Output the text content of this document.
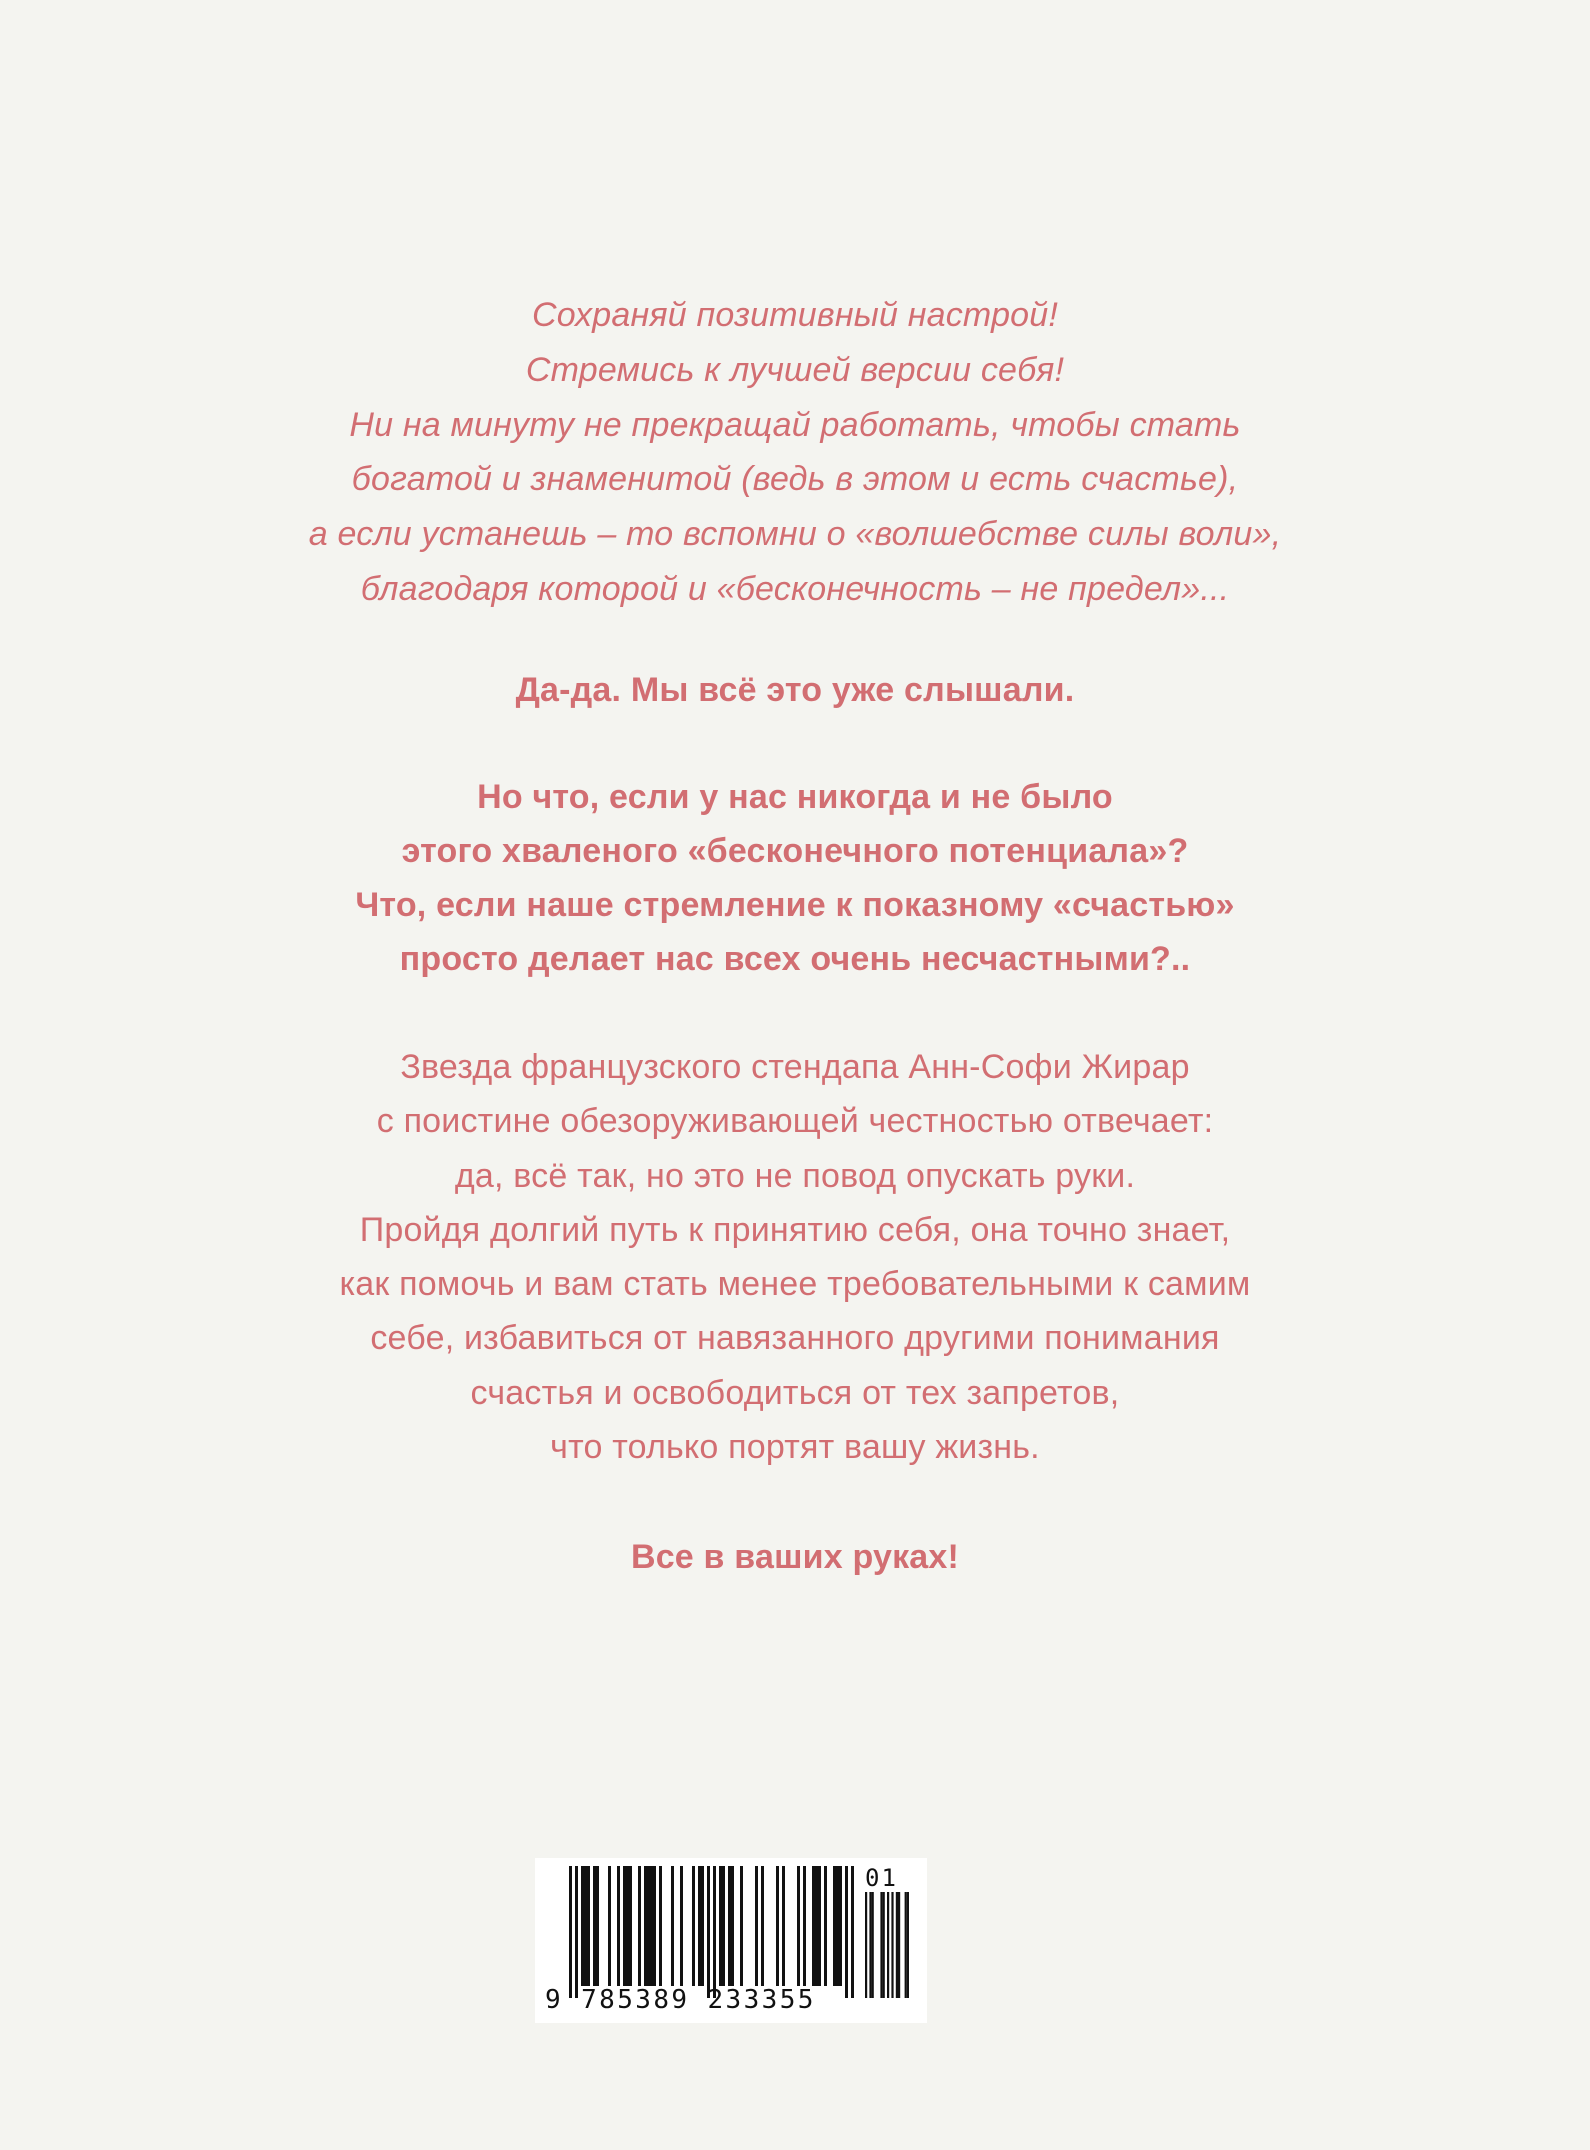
Сохраняй позитивный настрой!
Стремись к лучшей версии себя!
Ни на минуту не прекращай работать, чтобы стать
богатой и знаменитой (ведь в этом и есть счастье),
а если устанешь – то вспомни о «волшебстве силы воли»,
благодаря которой и «бесконечность – не предел»...
Да-да. Мы всё это уже слышали.
Но что, если у нас никогда и не было
этого хваленого «бесконечного потенциала»?
Что, если наше стремление к показному «счастью»
просто делает нас всех очень несчастными?..
Звезда французского стендапа Анн-Софи Жирар
с поистине обезоруживающей честностью отвечает:
да, всё так, но это не повод опускать руки.
Пройдя долгий путь к принятию себя, она точно знает,
как помочь и вам стать менее требовательными к самим
себе, избавиться от навязанного другими понимания
счастья и освободиться от тех запретов,
что только портят вашу жизнь.
Все в ваших руках!
01
9 785389 233355
